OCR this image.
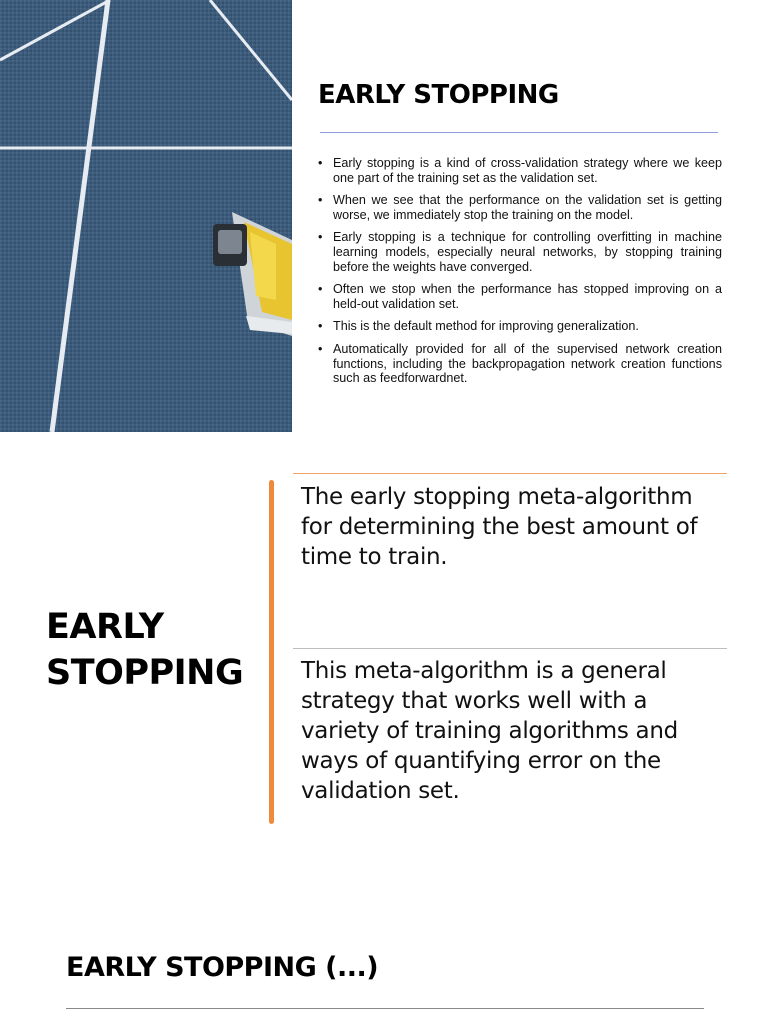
EARLY STOPPING
• Early stopping is a kind of cross-validation strategy where we keep one part of the training set as the validation set.
• When we see that the performance on the validation set is getting worse, we immediately stop the training on the model.
• Early stopping is a technique for controlling overfitting in machine learning models, especially neural networks, by stopping training before the weights have converged.
• Often we stop when the performance has stopped improving on a held-out validation set.
• This is the default method for improving generalization.
• Automatically provided for all of the supervised network creation functions, including the backpropagation network creation functions such as feedforwardnet.
EARLY STOPPING

The early stopping meta-algorithm for determining the best amount of time to train.

This meta-algorithm is a general strategy that works well with a variety of training algorithms and ways of quantifying error on the validation set.

EARLY STOPPING (...)
